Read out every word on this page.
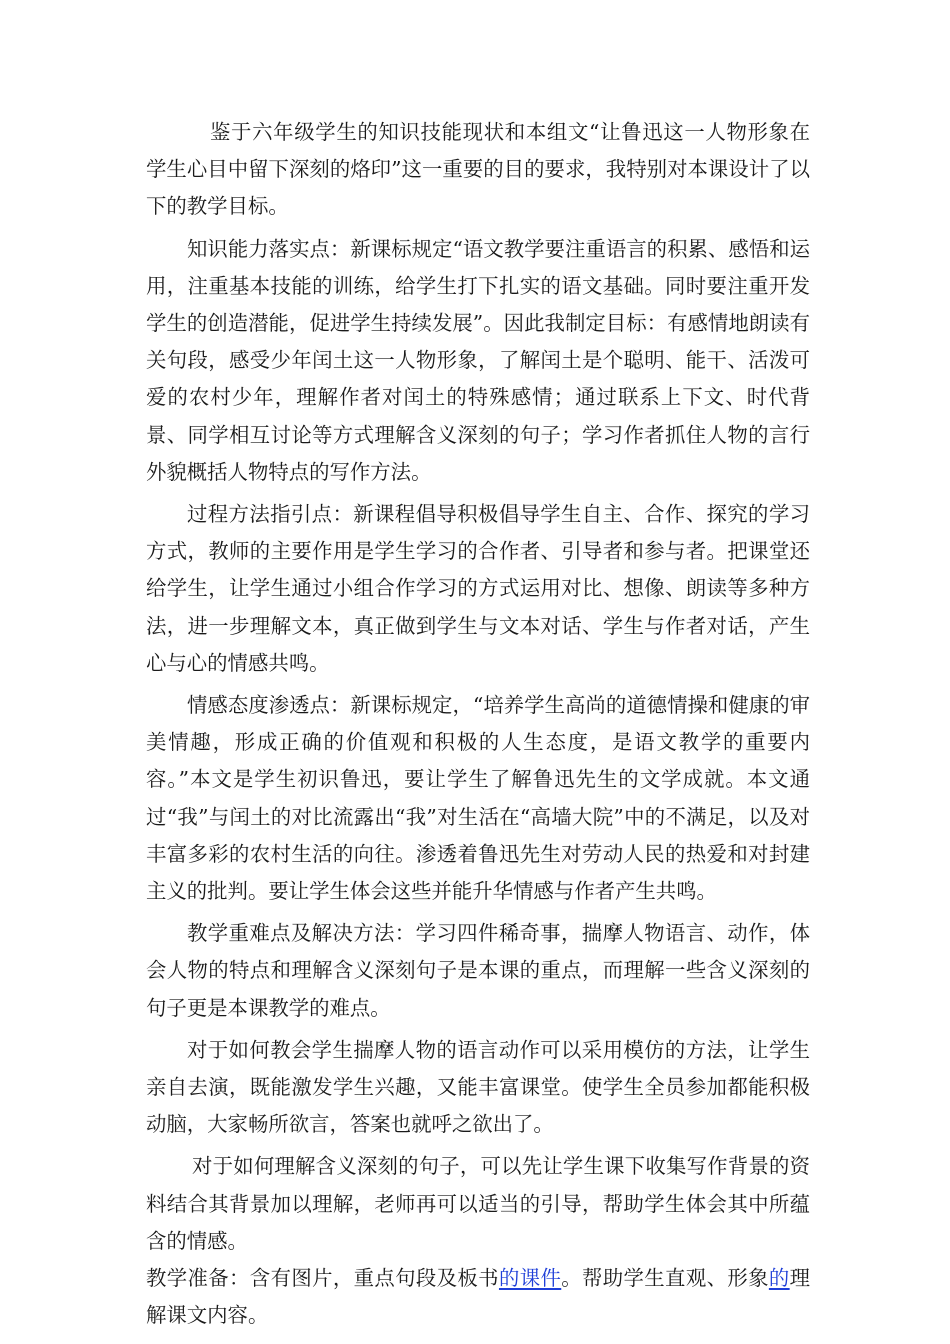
鉴于六年级学生的知识技能现状和本组文“让鲁迅这一人物形象在学生心目中留下深刻的烙印”这一重要的目的要求，我特别对本课设计了以下的教学目标。

知识能力落实点：新课标规定“语文教学要注重语言的积累、感悟和运用，注重基本技能的训练，给学生打下扎实的语文基础。同时要注重开发学生的创造潜能，促进学生持续发展”。因此我制定目标：有感情地朗读有关句段，感受少年闰土这一人物形象，了解闰土是个聪明、能干、活泼可爱的农村少年，理解作者对闰土的特殊感情；通过联系上下文、时代背景、同学相互讨论等方式理解含义深刻的句子；学习作者抓住人物的言行外貌概括人物特点的写作方法。

过程方法指引点：新课程倡导积极倡导学生自主、合作、探究的学习方式，教师的主要作用是学生学习的合作者、引导者和参与者。把课堂还给学生，让学生通过小组合作学习的方式运用对比、想像、朗读等多种方法，进一步理解文本，真正做到学生与文本对话、学生与作者对话，产生心与心的情感共鸣。

情感态度渗透点：新课标规定，“培养学生高尚的道德情操和健康的审美情趣，形成正确的价值观和积极的人生态度，是语文教学的重要内容。”本文是学生初识鲁迅，要让学生了解鲁迅先生的文学成就。本文通过“我”与闰土的对比流露出“我”对生活在“高墙大院”中的不满足，以及对丰富多彩的农村生活的向往。渗透着鲁迅先生对劳动人民的热爱和对封建主义的批判。要让学生体会这些并能升华情感与作者产生共鸣。

教学重难点及解决方法：学习四件稀奇事，揣摩人物语言、动作，体会人物的特点和理解含义深刻句子是本课的重点，而理解一些含义深刻的句子更是本课教学的难点。

对于如何教会学生揣摩人物的语言动作可以采用模仿的方法，让学生亲自去演，既能激发学生兴趣，又能丰富课堂。使学生全员参加都能积极动脑，大家畅所欲言，答案也就呼之欲出了。

对于如何理解含义深刻的句子，可以先让学生课下收集写作背景的资料结合其背景加以理解，老师再可以适当的引导，帮助学生体会其中所蕴含的情感。

教学准备：含有图片，重点句段及板书的课件。帮助学生直观、形象的理解课文内容。
